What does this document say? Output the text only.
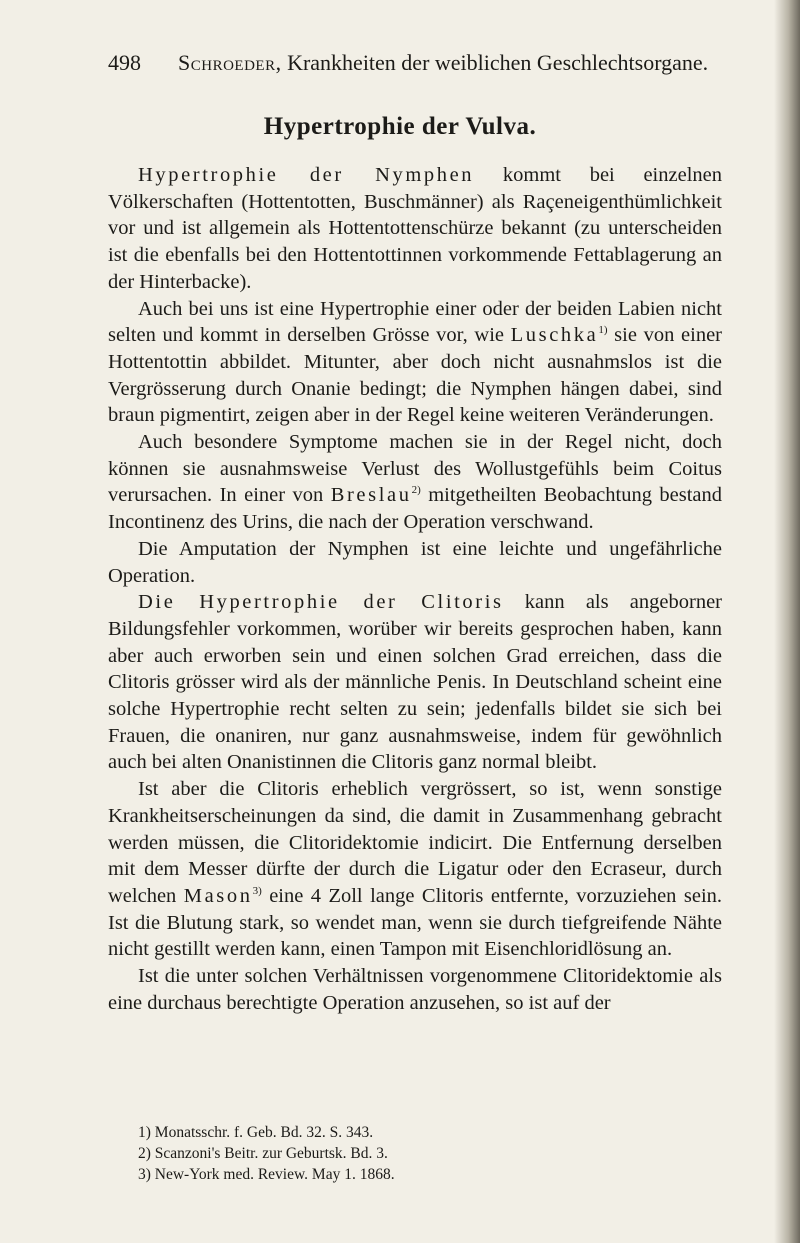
498 Schroeder, Krankheiten der weiblichen Geschlechtsorgane.
Hypertrophie der Vulva.

Hypertrophie der Nymphen kommt bei einzelnen Völkerschaften (Hottentotten, Buschmänner) als Raçeneigenthümlichkeit vor und ist allgemein als Hottentottenschürze bekannt (zu unterscheiden ist die ebenfalls bei den Hottentottinnen vorkommende Fettablagerung an der Hinterbacke).

Auch bei uns ist eine Hypertrophie einer oder der beiden Labien nicht selten und kommt in derselben Grösse vor, wie Luschka$^{1)}$ sie von einer Hottentottin abbildet. Mitunter, aber doch nicht ausnahmslos ist die Vergrösserung durch Onanie bedingt; die Nymphen hängen dabei, sind braun pigmentirt, zeigen aber in der Regel keine weiteren Veränderungen.

Auch besondere Symptome machen sie in der Regel nicht, doch können sie ausnahmsweise Verlust des Wollustgefühls beim Coitus verursachen. In einer von Breslau$^{2)}$ mitgetheilten Beobachtung bestand Incontinenz des Urins, die nach der Operation verschwand.

Die Amputation der Nymphen ist eine leichte und ungefährliche Operation.

Die Hypertrophie der Clitoris kann als angeborner Bildungsfehler vorkommen, worüber wir bereits gesprochen haben, kann aber auch erworben sein und einen solchen Grad erreichen, dass die Clitoris grösser wird als der männliche Penis. In Deutschland scheint eine solche Hypertrophie recht selten zu sein; jedenfalls bildet sie sich bei Frauen, die onaniren, nur ganz ausnahmsweise, indem für gewöhnlich auch bei alten Onanistinnen die Clitoris ganz normal bleibt.

Ist aber die Clitoris erheblich vergrössert, so ist, wenn sonstige Krankheitserscheinungen da sind, die damit in Zusammenhang gebracht werden müssen, die Clitoridektomie indicirt. Die Entfernung derselben mit dem Messer dürfte der durch die Ligatur oder den Ecraseur, durch welchen Mason$^{3)}$ eine 4 Zoll lange Clitoris entfernte, vorzuziehen sein. Ist die Blutung stark, so wendet man, wenn sie durch tiefgreifende Nähte nicht gestillt werden kann, einen Tampon mit Eisenchloridlösung an.

Ist die unter solchen Verhältnissen vorgenommene Clitoridektomie als eine durchaus berechtigte Operation anzusehen, so ist auf der

1) Monatsschr. f. Geb. Bd. 32. S. 343.
2) Scanzoni's Beitr. zur Geburtsk. Bd. 3.
3) New-York med. Review. May 1. 1868.
